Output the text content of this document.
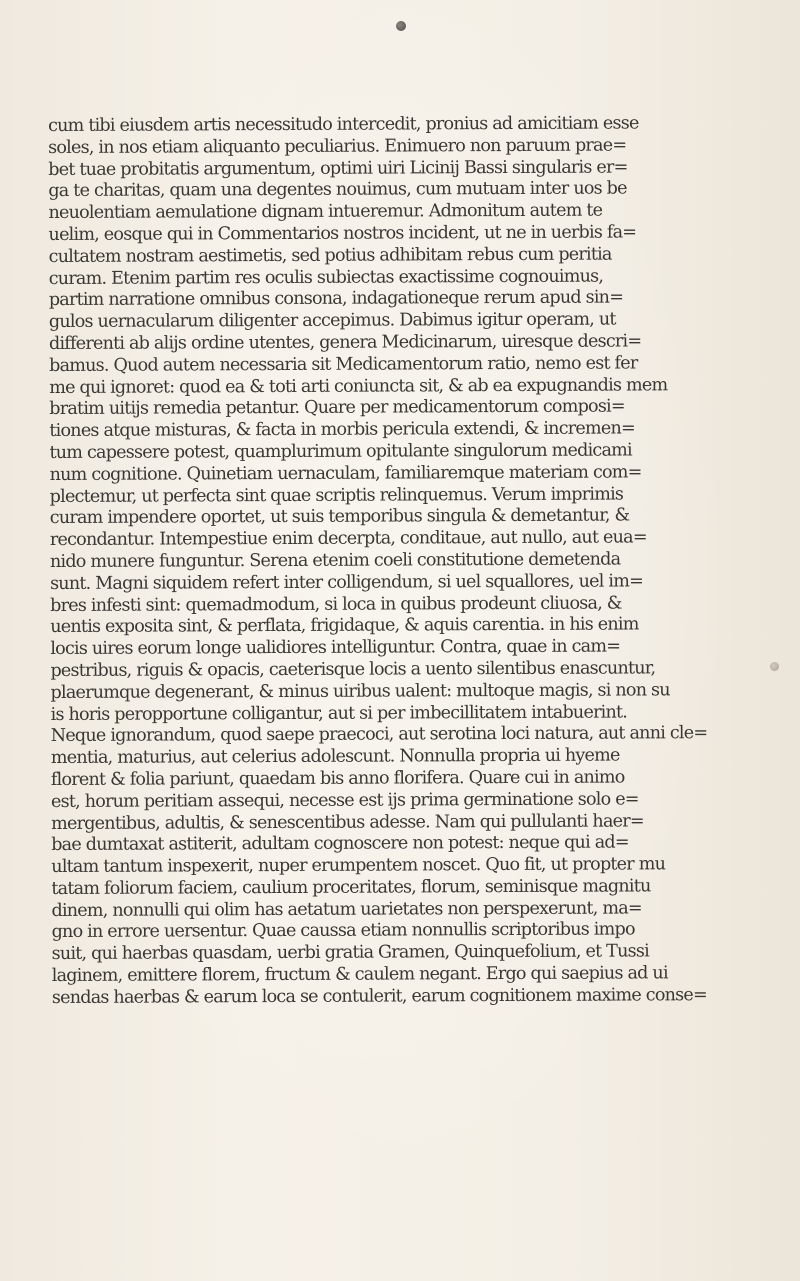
cum tibi eiusdem artis necessitudo intercedit, pronius ad amicitiam esse
soles, in nos etiam aliquanto peculiarius. Enimuero non paruum prae=
bet tuae probitatis argumentum, optimi uiri Licinij Bassi singularis er=
ga te charitas, quam una degentes nouimus, cum mutuam inter uos be
neuolentiam aemulatione dignam intueremur. Admonitum autem te
uelim, eosque qui in Commentarios nostros incident, ut ne in uerbis fa=
cultatem nostram aestimetis, sed potius adhibitam rebus cum peritia
curam. Etenim partim res oculis subiectas exactissime cognouimus,
partim narratione omnibus consona, indagationeque rerum apud sin=
gulos uernacularum diligenter accepimus. Dabimus igitur operam, ut
differenti ab alijs ordine utentes, genera Medicinarum, uiresque descri=
bamus. Quod autem necessaria sit Medicamentorum ratio, nemo est fer
me qui ignoret: quod ea & toti arti coniuncta sit, & ab ea expugnandis mem
bratim uitijs remedia petantur. Quare per medicamentorum composi=
tiones atque misturas, & facta in morbis pericula extendi, & incremen=
tum capessere potest, quamplurimum opitulante singulorum medicami
num cognitione. Quinetiam uernaculam, familiaremque materiam com=
plectemur, ut perfecta sint quae scriptis relinquemus. Verum imprimis
curam impendere oportet, ut suis temporibus singula & demetantur, &
recondantur. Intempestiue enim decerpta, conditaue, aut nullo, aut eua=
nido munere funguntur. Serena etenim coeli constitutione demetenda
sunt. Magni siquidem refert inter colligendum, si uel squallores, uel im=
bres infesti sint: quemadmodum, si loca in quibus prodeunt cliuosa, &
uentis exposita sint, & perflata, frigidaque, & aquis carentia. in his enim
locis uires eorum longe ualidiores intelliguntur. Contra, quae in cam=
pestribus, riguis & opacis, caeterisque locis a uento silentibus enascuntur,
plaerumque degenerant, & minus uiribus ualent: multoque magis, si non su
is horis peropportune colligantur, aut si per imbecillitatem intabuerint.
Neque ignorandum, quod saepe praecoci, aut serotina loci natura, aut anni cle=
mentia, maturius, aut celerius adolescunt. Nonnulla propria ui hyeme
florent & folia pariunt, quaedam bis anno florifera. Quare cui in animo
est, horum peritiam assequi, necesse est ijs prima germinatione solo e=
mergentibus, adultis, & senescentibus adesse. Nam qui pullulanti haer=
bae dumtaxat astiterit, adultam cognoscere non potest: neque qui ad=
ultam tantum inspexerit, nuper erumpentem noscet. Quo fit, ut propter mu
tatam foliorum faciem, caulium proceritates, florum, seminisque magnitu
dinem, nonnulli qui olim has aetatum uarietates non perspexerunt, ma=
gno in errore uersentur. Quae caussa etiam nonnullis scriptoribus impo
suit, qui haerbas quasdam, uerbi gratia Gramen, Quinquefolium, et Tussi
laginem, emittere florem, fructum & caulem negant. Ergo qui saepius ad ui
sendas haerbas & earum loca se contulerit, earum cognitionem maxime conse=
